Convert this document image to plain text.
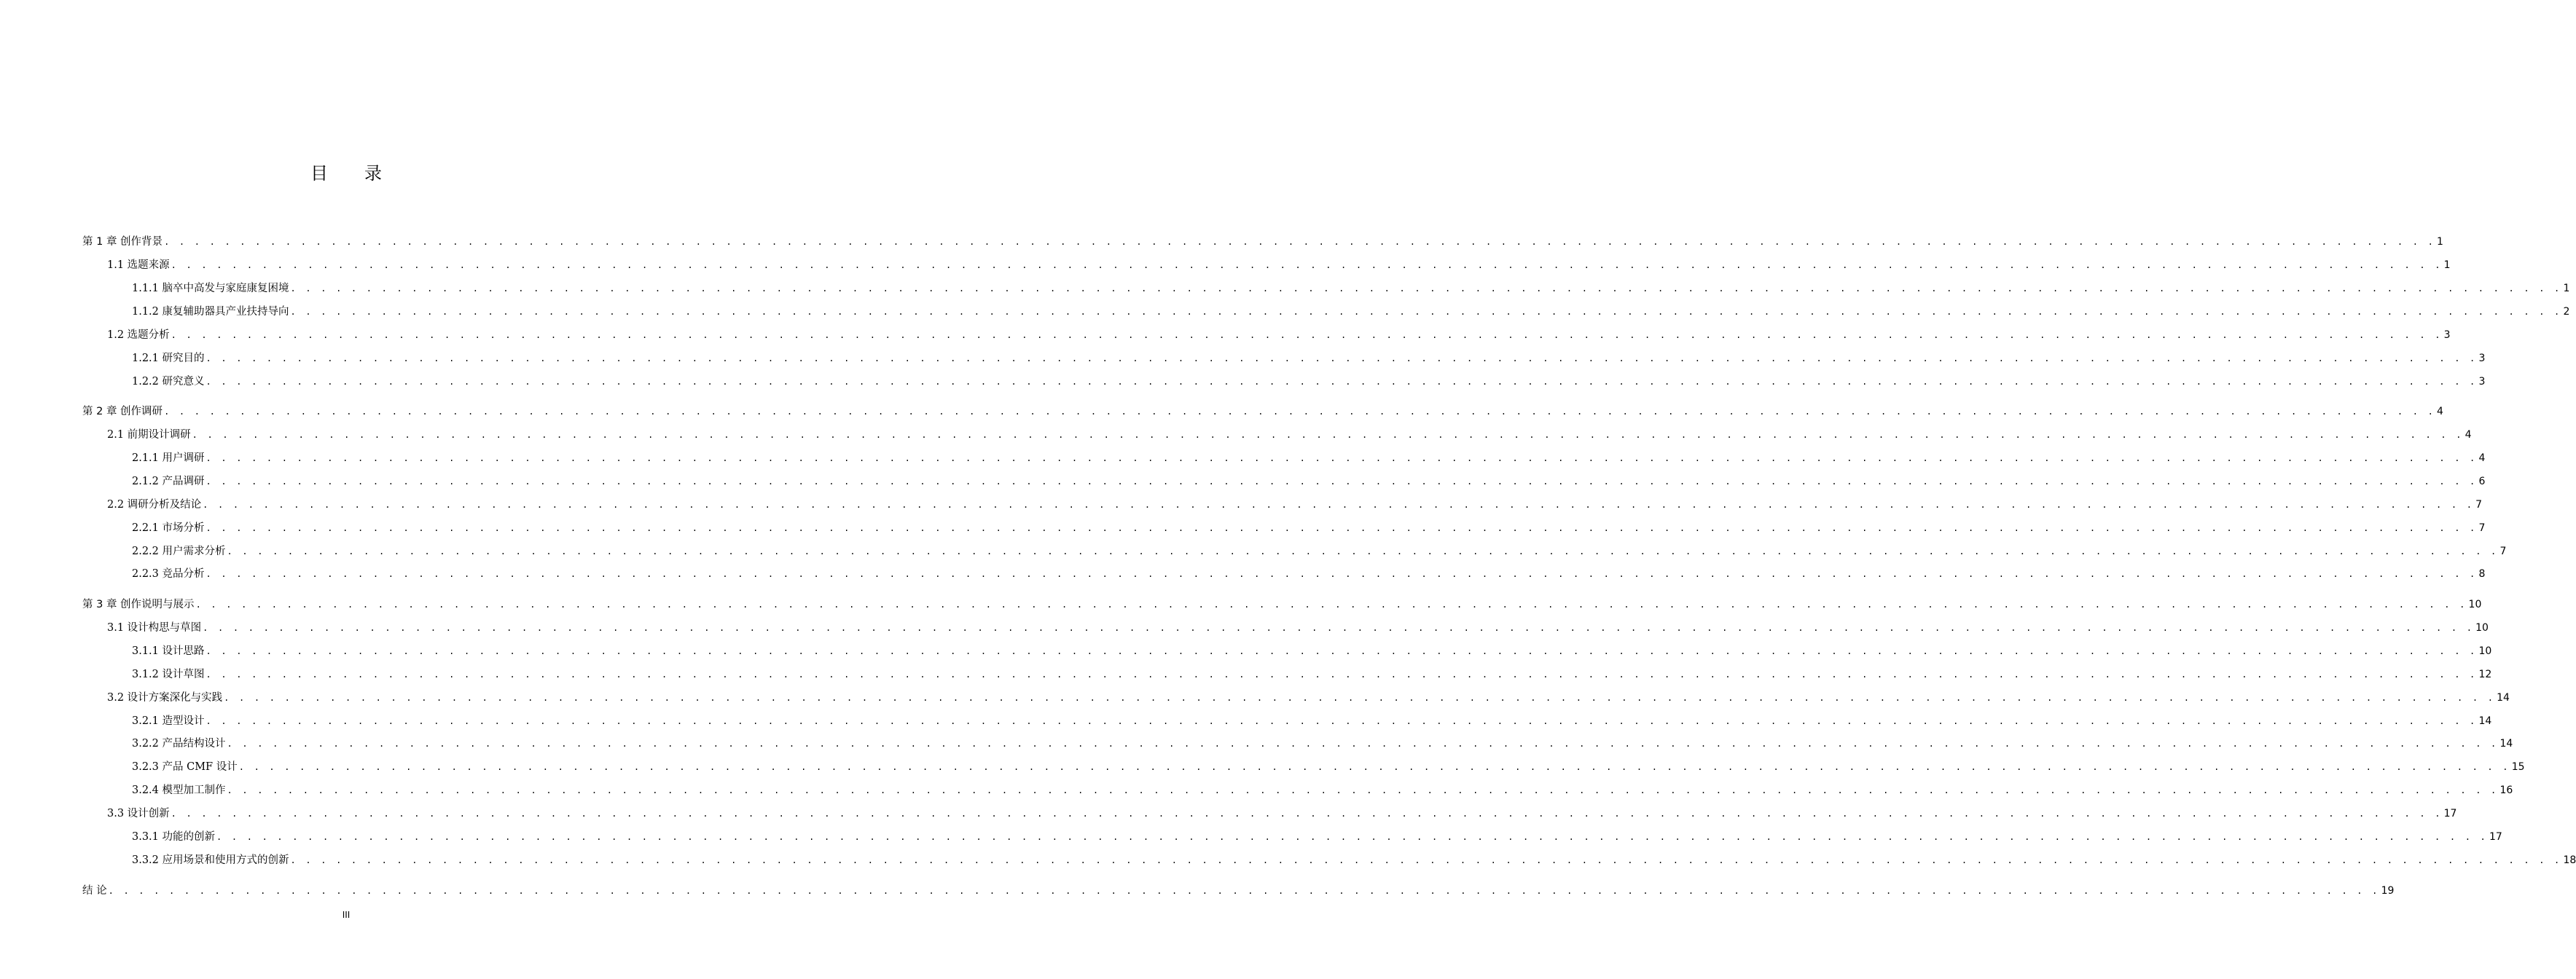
目 录
第 1 章 创作背景 . . . . . . . . . . . . . . . . . . . . . . . . . . . . . . . . . . . . . . . . . . . . . . . . . . . . . . . . . . . . . . . . . . . . . . . . . . . . . . . . . . . . . . . . . . . . . . . . . . . . . . . . . . . . . . . . . . . . . . . . . . . . . . . . . . . . . . . . . . . . . . . . . . . . . . 1
1.1 选题来源 . . . . . . . . . . . . . . . . . . . . . . . . . . . . . . . . . . . . . . . . . . . . . . . . . . . . . . . . . . . . . . . . . . . . . . . . . . . . . . . . . . . . . . . . . . . . . . . . . . . . . . . . . . . . . . . . . . . . . . . . . . . . . . . . . . . . . . . . . . . . . . . . . . . . . . 1
1.1.1 脑卒中高发与家庭康复困境 . . . . . . . . . . . . . . . . . . . . . . . . . . . . . . . . . . . . . . . . . . . . . . . . . . . . . . . . . . . . . . . . . . . . . . . . . . . . . . . . . . . . . . . . . . . . . . . . . . . . . . . . . . . . . . . . . . . . . . . . . . . . . . . . . . . . . . . . . . . . . . . . . . . . . . 1
1.1.2 康复辅助器具产业扶持导向 . . . . . . . . . . . . . . . . . . . . . . . . . . . . . . . . . . . . . . . . . . . . . . . . . . . . . . . . . . . . . . . . . . . . . . . . . . . . . . . . . . . . . . . . . . . . . . . . . . . . . . . . . . . . . . . . . . . . . . . . . . . . . . . . . . . . . . . . . . . . . . . . . . . . . . 2
1.2 选题分析 . . . . . . . . . . . . . . . . . . . . . . . . . . . . . . . . . . . . . . . . . . . . . . . . . . . . . . . . . . . . . . . . . . . . . . . . . . . . . . . . . . . . . . . . . . . . . . . . . . . . . . . . . . . . . . . . . . . . . . . . . . . . . . . . . . . . . . . . . . . . . . . . . . . . . . 3
1.2.1 研究目的 . . . . . . . . . . . . . . . . . . . . . . . . . . . . . . . . . . . . . . . . . . . . . . . . . . . . . . . . . . . . . . . . . . . . . . . . . . . . . . . . . . . . . . . . . . . . . . . . . . . . . . . . . . . . . . . . . . . . . . . . . . . . . . . . . . . . . . . . . . . . . . . . . . . . . . 3
1.2.2 研究意义 . . . . . . . . . . . . . . . . . . . . . . . . . . . . . . . . . . . . . . . . . . . . . . . . . . . . . . . . . . . . . . . . . . . . . . . . . . . . . . . . . . . . . . . . . . . . . . . . . . . . . . . . . . . . . . . . . . . . . . . . . . . . . . . . . . . . . . . . . . . . . . . . . . . . . . 3
第 2 章 创作调研 . . . . . . . . . . . . . . . . . . . . . . . . . . . . . . . . . . . . . . . . . . . . . . . . . . . . . . . . . . . . . . . . . . . . . . . . . . . . . . . . . . . . . . . . . . . . . . . . . . . . . . . . . . . . . . . . . . . . . . . . . . . . . . . . . . . . . . . . . . . . . . . . . . . . . . 4
2.1 前期设计调研 . . . . . . . . . . . . . . . . . . . . . . . . . . . . . . . . . . . . . . . . . . . . . . . . . . . . . . . . . . . . . . . . . . . . . . . . . . . . . . . . . . . . . . . . . . . . . . . . . . . . . . . . . . . . . . . . . . . . . . . . . . . . . . . . . . . . . . . . . . . . . . . . . . . . . . 4
2.1.1 用户调研 . . . . . . . . . . . . . . . . . . . . . . . . . . . . . . . . . . . . . . . . . . . . . . . . . . . . . . . . . . . . . . . . . . . . . . . . . . . . . . . . . . . . . . . . . . . . . . . . . . . . . . . . . . . . . . . . . . . . . . . . . . . . . . . . . . . . . . . . . . . . . . . . . . . . . . 4
2.1.2 产品调研 . . . . . . . . . . . . . . . . . . . . . . . . . . . . . . . . . . . . . . . . . . . . . . . . . . . . . . . . . . . . . . . . . . . . . . . . . . . . . . . . . . . . . . . . . . . . . . . . . . . . . . . . . . . . . . . . . . . . . . . . . . . . . . . . . . . . . . . . . . . . . . . . . . . . . . 6
2.2 调研分析及结论 . . . . . . . . . . . . . . . . . . . . . . . . . . . . . . . . . . . . . . . . . . . . . . . . . . . . . . . . . . . . . . . . . . . . . . . . . . . . . . . . . . . . . . . . . . . . . . . . . . . . . . . . . . . . . . . . . . . . . . . . . . . . . . . . . . . . . . . . . . . . . . . . . . . . . . 7
2.2.1 市场分析 . . . . . . . . . . . . . . . . . . . . . . . . . . . . . . . . . . . . . . . . . . . . . . . . . . . . . . . . . . . . . . . . . . . . . . . . . . . . . . . . . . . . . . . . . . . . . . . . . . . . . . . . . . . . . . . . . . . . . . . . . . . . . . . . . . . . . . . . . . . . . . . . . . . . . . 7
2.2.2 用户需求分析 . . . . . . . . . . . . . . . . . . . . . . . . . . . . . . . . . . . . . . . . . . . . . . . . . . . . . . . . . . . . . . . . . . . . . . . . . . . . . . . . . . . . . . . . . . . . . . . . . . . . . . . . . . . . . . . . . . . . . . . . . . . . . . . . . . . . . . . . . . . . . . . . . . . . . . 7
2.2.3 竞品分析 . . . . . . . . . . . . . . . . . . . . . . . . . . . . . . . . . . . . . . . . . . . . . . . . . . . . . . . . . . . . . . . . . . . . . . . . . . . . . . . . . . . . . . . . . . . . . . . . . . . . . . . . . . . . . . . . . . . . . . . . . . . . . . . . . . . . . . . . . . . . . . . . . . . . . . 8
第 3 章 创作说明与展示 . . . . . . . . . . . . . . . . . . . . . . . . . . . . . . . . . . . . . . . . . . . . . . . . . . . . . . . . . . . . . . . . . . . . . . . . . . . . . . . . . . . . . . . . . . . . . . . . . . . . . . . . . . . . . . . . . . . . . . . . . . . . . . . . . . . . . . . . . . . . . . . . . . . . . . 10
3.1 设计构思与草图 . . . . . . . . . . . . . . . . . . . . . . . . . . . . . . . . . . . . . . . . . . . . . . . . . . . . . . . . . . . . . . . . . . . . . . . . . . . . . . . . . . . . . . . . . . . . . . . . . . . . . . . . . . . . . . . . . . . . . . . . . . . . . . . . . . . . . . . . . . . . . . . . . . . . . . 10
3.1.1 设计思路 . . . . . . . . . . . . . . . . . . . . . . . . . . . . . . . . . . . . . . . . . . . . . . . . . . . . . . . . . . . . . . . . . . . . . . . . . . . . . . . . . . . . . . . . . . . . . . . . . . . . . . . . . . . . . . . . . . . . . . . . . . . . . . . . . . . . . . . . . . . . . . . . . . . . . . 10
3.1.2 设计草图 . . . . . . . . . . . . . . . . . . . . . . . . . . . . . . . . . . . . . . . . . . . . . . . . . . . . . . . . . . . . . . . . . . . . . . . . . . . . . . . . . . . . . . . . . . . . . . . . . . . . . . . . . . . . . . . . . . . . . . . . . . . . . . . . . . . . . . . . . . . . . . . . . . . . . . 12
3.2 设计方案深化与实践 . . . . . . . . . . . . . . . . . . . . . . . . . . . . . . . . . . . . . . . . . . . . . . . . . . . . . . . . . . . . . . . . . . . . . . . . . . . . . . . . . . . . . . . . . . . . . . . . . . . . . . . . . . . . . . . . . . . . . . . . . . . . . . . . . . . . . . . . . . . . . . . . . . . . . . 14
3.2.1 造型设计 . . . . . . . . . . . . . . . . . . . . . . . . . . . . . . . . . . . . . . . . . . . . . . . . . . . . . . . . . . . . . . . . . . . . . . . . . . . . . . . . . . . . . . . . . . . . . . . . . . . . . . . . . . . . . . . . . . . . . . . . . . . . . . . . . . . . . . . . . . . . . . . . . . . . . . 14
3.2.2 产品结构设计 . . . . . . . . . . . . . . . . . . . . . . . . . . . . . . . . . . . . . . . . . . . . . . . . . . . . . . . . . . . . . . . . . . . . . . . . . . . . . . . . . . . . . . . . . . . . . . . . . . . . . . . . . . . . . . . . . . . . . . . . . . . . . . . . . . . . . . . . . . . . . . . . . . . . . . 14
3.2.3 产品 CMF 设计 . . . . . . . . . . . . . . . . . . . . . . . . . . . . . . . . . . . . . . . . . . . . . . . . . . . . . . . . . . . . . . . . . . . . . . . . . . . . . . . . . . . . . . . . . . . . . . . . . . . . . . . . . . . . . . . . . . . . . . . . . . . . . . . . . . . . . . . . . . . . . . . . . . . . . . 15
3.2.4 模型加工制作 . . . . . . . . . . . . . . . . . . . . . . . . . . . . . . . . . . . . . . . . . . . . . . . . . . . . . . . . . . . . . . . . . . . . . . . . . . . . . . . . . . . . . . . . . . . . . . . . . . . . . . . . . . . . . . . . . . . . . . . . . . . . . . . . . . . . . . . . . . . . . . . . . . . . . . 16
3.3 设计创新 . . . . . . . . . . . . . . . . . . . . . . . . . . . . . . . . . . . . . . . . . . . . . . . . . . . . . . . . . . . . . . . . . . . . . . . . . . . . . . . . . . . . . . . . . . . . . . . . . . . . . . . . . . . . . . . . . . . . . . . . . . . . . . . . . . . . . . . . . . . . . . . . . . . . . . 17
3.3.1 功能的创新 . . . . . . . . . . . . . . . . . . . . . . . . . . . . . . . . . . . . . . . . . . . . . . . . . . . . . . . . . . . . . . . . . . . . . . . . . . . . . . . . . . . . . . . . . . . . . . . . . . . . . . . . . . . . . . . . . . . . . . . . . . . . . . . . . . . . . . . . . . . . . . . . . . . . . . 17
3.3.2 应用场景和使用方式的创新 . . . . . . . . . . . . . . . . . . . . . . . . . . . . . . . . . . . . . . . . . . . . . . . . . . . . . . . . . . . . . . . . . . . . . . . . . . . . . . . . . . . . . . . . . . . . . . . . . . . . . . . . . . . . . . . . . . . . . . . . . . . . . . . . . . . . . . . . . . . . . . . . . . . . . . 18
结 论 . . . . . . . . . . . . . . . . . . . . . . . . . . . . . . . . . . . . . . . . . . . . . . . . . . . . . . . . . . . . . . . . . . . . . . . . . . . . . . . . . . . . . . . . . . . . . . . . . . . . . . . . . . . . . . . . . . . . . . . . . . . . . . . . . . . . . . . . . . . . . . . . . . . . . . 19
III
